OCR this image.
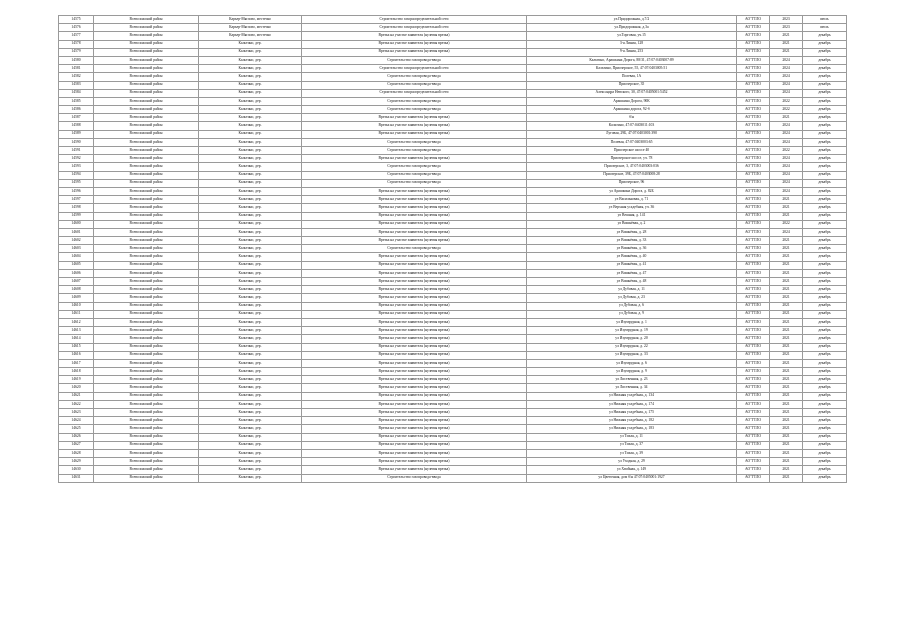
14575	Всеволожский район	Карьер-Мяглово, местечко	Строительство газораспределительной сети	ул.Придорожная, д.7/2	АО"ГТЛО	2023	июль
14576	Всеволожский район	Карьер-Мяглово, местечко	Строительство газораспределительной сети	ул.Придорожная, д.3а	АО"ГТЛО	2023	июль
14577	Всеволожский район	Карьер-Мяглово, местечко	Врезка на участке заявителя (нулевая врезка)	ул.Торговая, уч.15	АО"ГТЛО	2021	декабрь
14578	Всеволожский район	Кальтино, дер.	Врезка на участке заявителя (нулевая врезка)	3-я Линия, 128	АО"ГТЛО	2021	декабрь
14579	Всеволожский район	Кальтино, дер.	Врезка на участке заявителя (нулевая врезка)	9-я Линия, 253	АО"ГТЛО	2021	декабрь
14580	Всеволожский район	Кальтино, дер.	Строительство газопровода-ввода	Кальтино, Арашкина Дорога, 88/31, 47:07:0403007:89	АО"ГТЛО	2024	декабрь
14581	Всеволожский район	Кальтино, дер.	Строительство газораспределительной сети	Кальтино, Приозерское, 55, 47:07:0403005:51	АО"ГТЛО	2024	декабрь
14582	Всеволожский район	Кальтино, дер.	Строительство газопровода-ввода	Полевая, 1А	АО"ГТЛО	2024	декабрь
14583	Всеволожский район	Кальтино, дер.	Строительство газопровода-ввода	Приозерское, 35	АО"ГТЛО	2024	декабрь
14584	Всеволожский район	Кальтино, дер.	Строительство газораспределительной сети	Александра Невского, 30, 47:07:0405001:5452	АО"ГТЛО	2024	декабрь
14585	Всеволожский район	Кальтино, дер.	Строительство газопровода-ввода	Арашкина Дорога, 90К	АО"ГТЛО	2022	декабрь
14586	Всеволожский район	Кальтино, дер.	Строительство газопровода-ввода	Арашкина дорога, 92-б	АО"ГТЛО	2022	декабрь
14587	Всеволожский район	Кальтино, дер.	Врезка на участке заявителя (нулевая врезка)	б/н	АО"ГТЛО	2021	декабрь
14588	Всеволожский район	Кальтино, дер.	Врезка на участке заявителя (нулевая врезка)	Кальтино, 47:07:0403011:103	АО"ГТЛО	2024	декабрь
14589	Всеволожский район	Кальтино, дер.	Врезка на участке заявителя (нулевая врезка)	Луговая, 29Б, 47:07:0403001:390	АО"ГТЛО	2024	декабрь
14590	Всеволожский район	Кальтино, дер.	Строительство газопровода-ввода	Полевая, 47:07:0403003:65	АО"ГТЛО	2024	декабрь
14591	Всеволожский район	Кальтино, дер.	Строительство газопровода-ввода	Приозерское шоссе 40	АО"ГТЛО	2022	декабрь
14592	Всеволожский район	Кальтино, дер.	Врезка на участке заявителя (нулевая врезка)	Приозерское шоссе, уч. 78	АО"ГТЛО	2024	декабрь
14593	Всеволожский район	Кальтино, дер.	Строительство газопровода-ввода	Приозерское, 3, 47:07:0403003:036	АО"ГТЛО	2024	декабрь
14594	Всеволожский район	Кальтино, дер.	Строительство газопровода-ввода	Приозерское, 39Б, 47:07:0403008:28	АО"ГТЛО	2024	декабрь
14595	Всеволожский район	Кальтино, дер.	Строительство газопровода-ввода	Приозерское, 96	АО"ГТЛО	2024	декабрь
14596	Всеволожский район	Кальтино, дер.	Врезка на участке заявителя (нулевая врезка)	ул Арашкина Дорога, д. 82Б	АО"ГТЛО	2024	декабрь
14597	Всеволожский район	Кальтино, дер.	Врезка на участке заявителя (нулевая врезка)	ул Васильковая, д. 71	АО"ГТЛО	2021	декабрь
14598	Всеволожский район	Кальтино, дер.	Врезка на участке заявителя (нулевая врезка)	ул Верхняя усадебная, уч. 36	АО"ГТЛО	2021	декабрь
14599	Всеволожский район	Кальтино, дер.	Врезка на участке заявителя (нулевая врезка)	ул Вешняя, д. 141	АО"ГТЛО	2021	декабрь
14600	Всеволожский район	Кальтино, дер.	Врезка на участке заявителя (нулевая врезка)	ул Вишнёвая, д. 2	АО"ГТЛО	2022	декабрь
14601	Всеволожский район	Кальтино, дер.	Врезка на участке заявителя (нулевая врезка)	ул Вишнёвая, д. 28	АО"ГТЛО	2024	декабрь
14602	Всеволожский район	Кальтино, дер.	Врезка на участке заявителя (нулевая врезка)	ул Вишнёвая, д. 33	АО"ГТЛО	2021	декабрь
14603	Всеволожский район	Кальтино, дер.	Строительство газопровода-ввода	ул Вишнёвая, д. 36	АО"ГТЛО	2021	декабрь
14604	Всеволожский район	Кальтино, дер.	Врезка на участке заявителя (нулевая врезка)	ул Вишнёвая, д. 40	АО"ГТЛО	2021	декабрь
14605	Всеволожский район	Кальтино, дер.	Врезка на участке заявителя (нулевая врезка)	ул Вишнёвая, д. 41	АО"ГТЛО	2021	декабрь
14606	Всеволожский район	Кальтино, дер.	Врезка на участке заявителя (нулевая врезка)	ул Вишнёвая, д. 47	АО"ГТЛО	2021	декабрь
14607	Всеволожский район	Кальтино, дер.	Врезка на участке заявителя (нулевая врезка)	ул Вишнёвая, д. 48	АО"ГТЛО	2021	декабрь
14608	Всеволожский район	Кальтино, дер.	Врезка на участке заявителя (нулевая врезка)	ул Дубовая, д. 11	АО"ГТЛО	2021	декабрь
14609	Всеволожский район	Кальтино, дер.	Врезка на участке заявителя (нулевая врезка)	ул Дубовая, д. 23	АО"ГТЛО	2021	декабрь
14610	Всеволожский район	Кальтино, дер.	Врезка на участке заявителя (нулевая врезка)	ул Дубовая, д. 6	АО"ГТЛО	2021	декабрь
14611	Всеволожский район	Кальтино, дер.	Врезка на участке заявителя (нулевая врезка)	ул Дубовая, д. 9	АО"ГТЛО	2021	декабрь
14612	Всеволожский район	Кальтино, дер.	Врезка на участке заявителя (нулевая врезка)	ул Изумрудная, д. 1	АО"ГТЛО	2021	декабрь
14613	Всеволожский район	Кальтино, дер.	Врезка на участке заявителя (нулевая врезка)	ул Изумрудная, д. 19	АО"ГТЛО	2021	декабрь
14614	Всеволожский район	Кальтино, дер.	Врезка на участке заявителя (нулевая врезка)	ул Изумрудная, д. 20	АО"ГТЛО	2021	декабрь
14615	Всеволожский район	Кальтино, дер.	Врезка на участке заявителя (нулевая врезка)	ул Изумрудная, д. 22	АО"ГТЛО	2021	декабрь
14616	Всеволожский район	Кальтино, дер.	Врезка на участке заявителя (нулевая врезка)	ул Изумрудная, д. 33	АО"ГТЛО	2021	декабрь
14617	Всеволожский район	Кальтино, дер.	Врезка на участке заявителя (нулевая врезка)	ул Изумрудная, д. 6	АО"ГТЛО	2021	декабрь
14618	Всеволожский район	Кальтино, дер.	Врезка на участке заявителя (нулевая врезка)	ул Изумрудная, д. 9	АО"ГТЛО	2021	декабрь
14619	Всеволожский район	Кальтино, дер.	Врезка на участке заявителя (нулевая врезка)	ул Лиственная, д. 23	АО"ГТЛО	2021	декабрь
14620	Всеволожский район	Кальтино, дер.	Врезка на участке заявителя (нулевая врезка)	ул Лиственная, д. 34	АО"ГТЛО	2021	декабрь
14621	Всеволожский район	Кальтино, дер.	Врезка на участке заявителя (нулевая врезка)	ул Нижняя усадебная, д. 134	АО"ГТЛО	2021	декабрь
14622	Всеволожский район	Кальтино, дер.	Врезка на участке заявителя (нулевая врезка)	ул Нижняя усадебная, д. 174	АО"ГТЛО	2021	декабрь
14623	Всеволожский район	Кальтино, дер.	Врезка на участке заявителя (нулевая врезка)	ул Нижняя усадебная, д. 175	АО"ГТЛО	2021	декабрь
14624	Всеволожский район	Кальтино, дер.	Врезка на участке заявителя (нулевая врезка)	ул Нижняя усадебная, д. 182	АО"ГТЛО	2021	декабрь
14625	Всеволожский район	Кальтино, дер.	Врезка на участке заявителя (нулевая врезка)	ул Нижняя усадебная, д. 183	АО"ГТЛО	2021	декабрь
14626	Всеволожский район	Кальтино, дер.	Врезка на участке заявителя (нулевая врезка)	ул Тихая, д. 11	АО"ГТЛО	2021	декабрь
14627	Всеволожский район	Кальтино, дер.	Врезка на участке заявителя (нулевая врезка)	ул Тихая, д. 37	АО"ГТЛО	2021	декабрь
14628	Всеволожский район	Кальтино, дер.	Врезка на участке заявителя (нулевая врезка)	ул Тихая, д. 39	АО"ГТЛО	2021	декабрь
14629	Всеволожский район	Кальтино, дер.	Врезка на участке заявителя (нулевая врезка)	ул Уходная, д. 29	АО"ГТЛО	2021	декабрь
14630	Всеволожский район	Кальтино, дер.	Врезка на участке заявителя (нулевая врезка)	ул Хвойная, д. 149	АО"ГТЛО	2021	декабрь
14631	Всеволожский район	Кальтино, дер.	Строительство газопровода-ввода	ул Цветочная, дом б/н 47:07:0405001:1927	АО"ГТЛО	2021	декабрь
